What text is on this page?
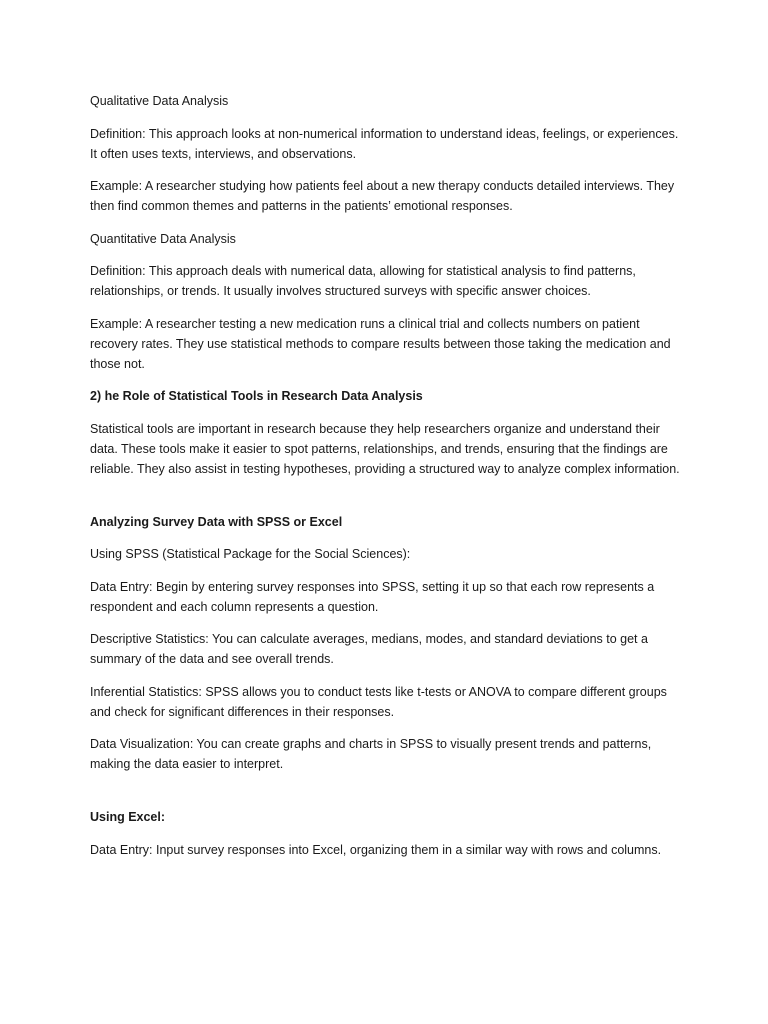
Qualitative Data Analysis

Definition: This approach looks at non-numerical information to understand ideas, feelings, or experiences. It often uses texts, interviews, and observations.

Example: A researcher studying how patients feel about a new therapy conducts detailed interviews. They then find common themes and patterns in the patients’ emotional responses.

Quantitative Data Analysis

Definition: This approach deals with numerical data, allowing for statistical analysis to find patterns, relationships, or trends. It usually involves structured surveys with specific answer choices.

Example: A researcher testing a new medication runs a clinical trial and collects numbers on patient recovery rates. They use statistical methods to compare results between those taking the medication and those not.

2) he Role of Statistical Tools in Research Data Analysis

Statistical tools are important in research because they help researchers organize and understand their data. These tools make it easier to spot patterns, relationships, and trends, ensuring that the findings are reliable. They also assist in testing hypotheses, providing a structured way to analyze complex information.

Analyzing Survey Data with SPSS or Excel

Using SPSS (Statistical Package for the Social Sciences):

Data Entry: Begin by entering survey responses into SPSS, setting it up so that each row represents a respondent and each column represents a question.

Descriptive Statistics: You can calculate averages, medians, modes, and standard deviations to get a summary of the data and see overall trends.

Inferential Statistics: SPSS allows you to conduct tests like t-tests or ANOVA to compare different groups and check for significant differences in their responses.

Data Visualization: You can create graphs and charts in SPSS to visually present trends and patterns, making the data easier to interpret.

Using Excel:

Data Entry: Input survey responses into Excel, organizing them in a similar way with rows and columns.
